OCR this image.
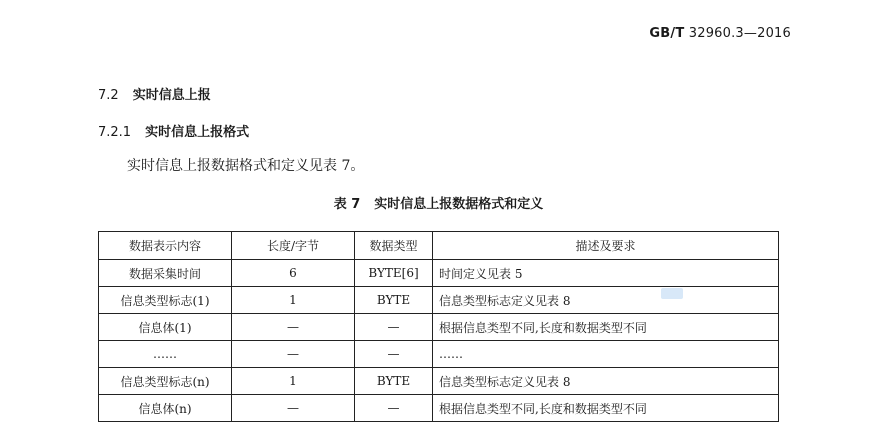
GB/T 32960.3—2016
7.2 实时信息上报
7.2.1 实时信息上报格式
实时信息上报数据格式和定义见表 7。
表 7 实时信息上报数据格式和定义
数据表示内容	长度/字节	数据类型	描述及要求
数据采集时间	6	BYTE[6]	时间定义见表 5
信息类型标志(1)	1	BYTE	信息类型标志定义见表 8
信息体(1)	—	—	根据信息类型不同,长度和数据类型不同
……	—	—	……
信息类型标志(n)	1	BYTE	信息类型标志定义见表 8
信息体(n)	—	—	根据信息类型不同,长度和数据类型不同
